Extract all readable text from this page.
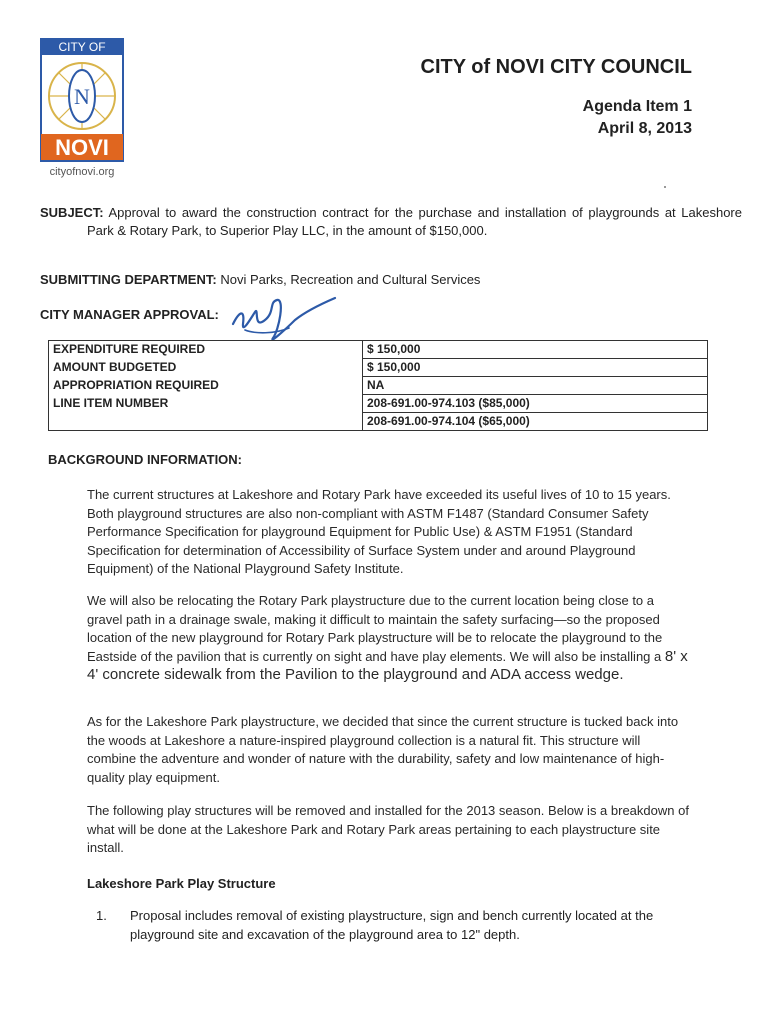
CITY OF
N
NOVI
cityofnovi.org
CITY of NOVI CITY COUNCIL
Agenda Item 1
April 8, 2013
SUBJECT: Approval to award the construction contract for the purchase and installation of playgrounds at Lakeshore Park & Rotary Park, to Superior Play LLC, in the amount of $150,000.
SUBMITTING DEPARTMENT: Novi Parks, Recreation and Cultural Services
CITY MANAGER APPROVAL:
EXPENDITURE REQUIRED	$ 150,000
AMOUNT BUDGETED	$ 150,000
APPROPRIATION REQUIRED	NA
LINE ITEM NUMBER	208-691.00-974.103 ($85,000)
	208-691.00-974.104 ($65,000)
BACKGROUND INFORMATION:
The current structures at Lakeshore and Rotary Park have exceeded its useful lives of 10 to 15 years. Both playground structures are also non-compliant with ASTM F1487 (Standard Consumer Safety Performance Specification for playground Equipment for Public Use) & ASTM F1951 (Standard Specification for determination of Accessibility of Surface System under and around Playground Equipment) of the National Playground Safety Institute.
We will also be relocating the Rotary Park playstructure due to the current location being close to a gravel path in a drainage swale, making it difficult to maintain the safety surfacing—so the proposed location of the new playground for Rotary Park playstructure will be to relocate the playground to the Eastside of the pavilion that is currently on sight and have play elements. We will also be installing a 8' x 4' concrete sidewalk from the Pavilion to the playground and ADA access wedge.
As for the Lakeshore Park playstructure, we decided that since the current structure is tucked back into the woods at Lakeshore a nature-inspired playground collection is a natural fit. This structure will combine the adventure and wonder of nature with the durability, safety and low maintenance of high-quality play equipment.
The following play structures will be removed and installed for the 2013 season. Below is a breakdown of what will be done at the Lakeshore Park and Rotary Park areas pertaining to each playstructure site install.
Lakeshore Park Play Structure
1.	Proposal includes removal of existing playstructure, sign and bench currently located at the playground site and excavation of the playground area to 12" depth.
